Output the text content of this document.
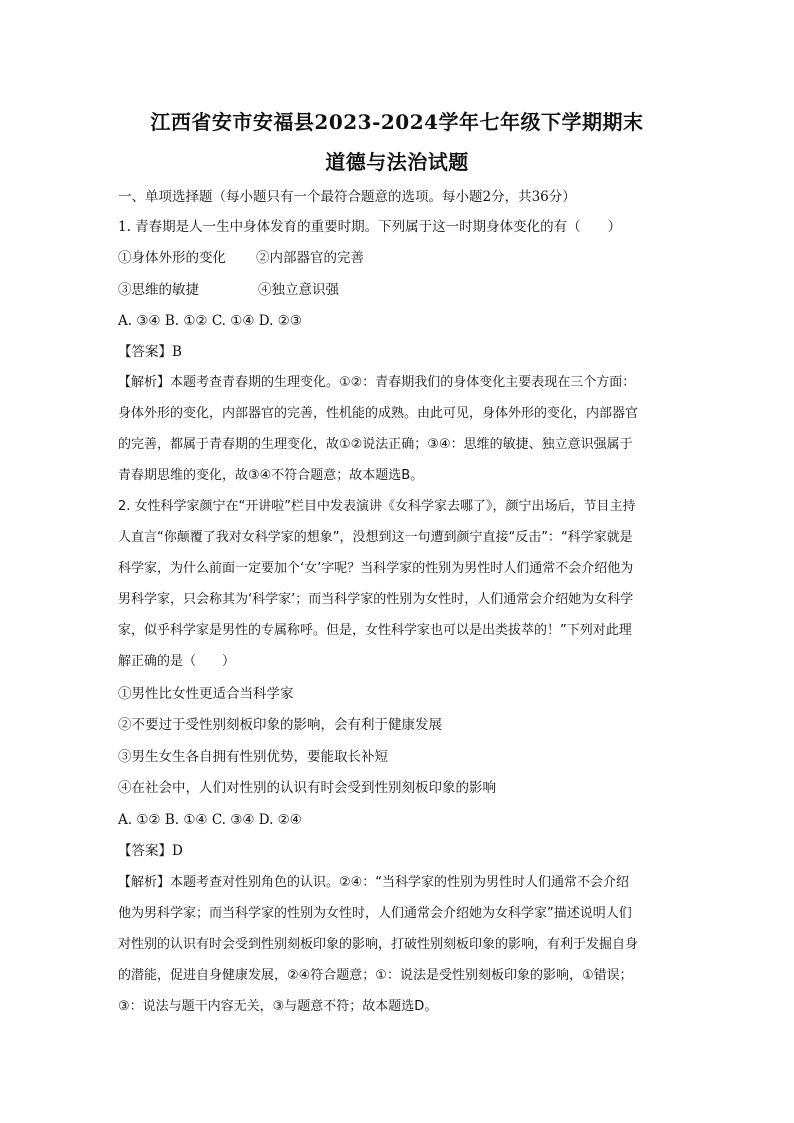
江西省安市安福县2023-2024学年七年级下学期期末
道德与法治试题
一、单项选择题（每小题只有一个最符合题意的选项。每小题2分，共36分）
1. 青春期是人一生中身体发育的重要时期。下列属于这一时期身体变化的有（　　）
①身体外形的变化 ②内部器官的完善
③思维的敏捷	④独立意识强
A. ③④ B. ①② C. ①④ D. ②③
【答案】B
【解析】本题考查青春期的生理变化。①②：青春期我们的身体变化主要表现在三个方面：
身体外形的变化，内部器官的完善，性机能的成熟。由此可见，身体外形的变化，内部器官
的完善，都属于青春期的生理变化，故①②说法正确；③④：思维的敏捷、独立意识强属于
青春期思维的变化，故③④不符合题意；故本题选B。
2. 女性科学家颜宁在“开讲啦”栏目中发表演讲《女科学家去哪了》，颜宁出场后，节目主持
人直言“你颠覆了我对女科学家的想象”，没想到这一句遭到颜宁直接“反击”：“科学家就是
科学家，为什么前面一定要加个‘女’字呢？当科学家的性别为男性时人们通常不会介绍他为
男科学家，只会称其为‘科学家’；而当科学家的性别为女性时，人们通常会介绍她为女科学
家，似乎科学家是男性的专属称呼。但是，女性科学家也可以是出类拔萃的！”下列对此理
解正确的是（　　）
①男性比女性更适合当科学家
②不要过于受性别刻板印象的影响，会有利于健康发展
③男生女生各自拥有性别优势，要能取长补短
④在社会中，人们对性别的认识有时会受到性别刻板印象的影响
A. ①② B. ①④ C. ③④ D. ②④
【答案】D
【解析】本题考查对性别角色的认识。②④：“当科学家的性别为男性时人们通常不会介绍
他为男科学家；而当科学家的性别为女性时，人们通常会介绍她为女科学家”描述说明人们
对性别的认识有时会受到性别刻板印象的影响，打破性别刻板印象的影响，有利于发掘自身
的潜能，促进自身健康发展，②④符合题意；①：说法是受性别刻板印象的影响，①错误；
③：说法与题干内容无关，③与题意不符；故本题选D。
